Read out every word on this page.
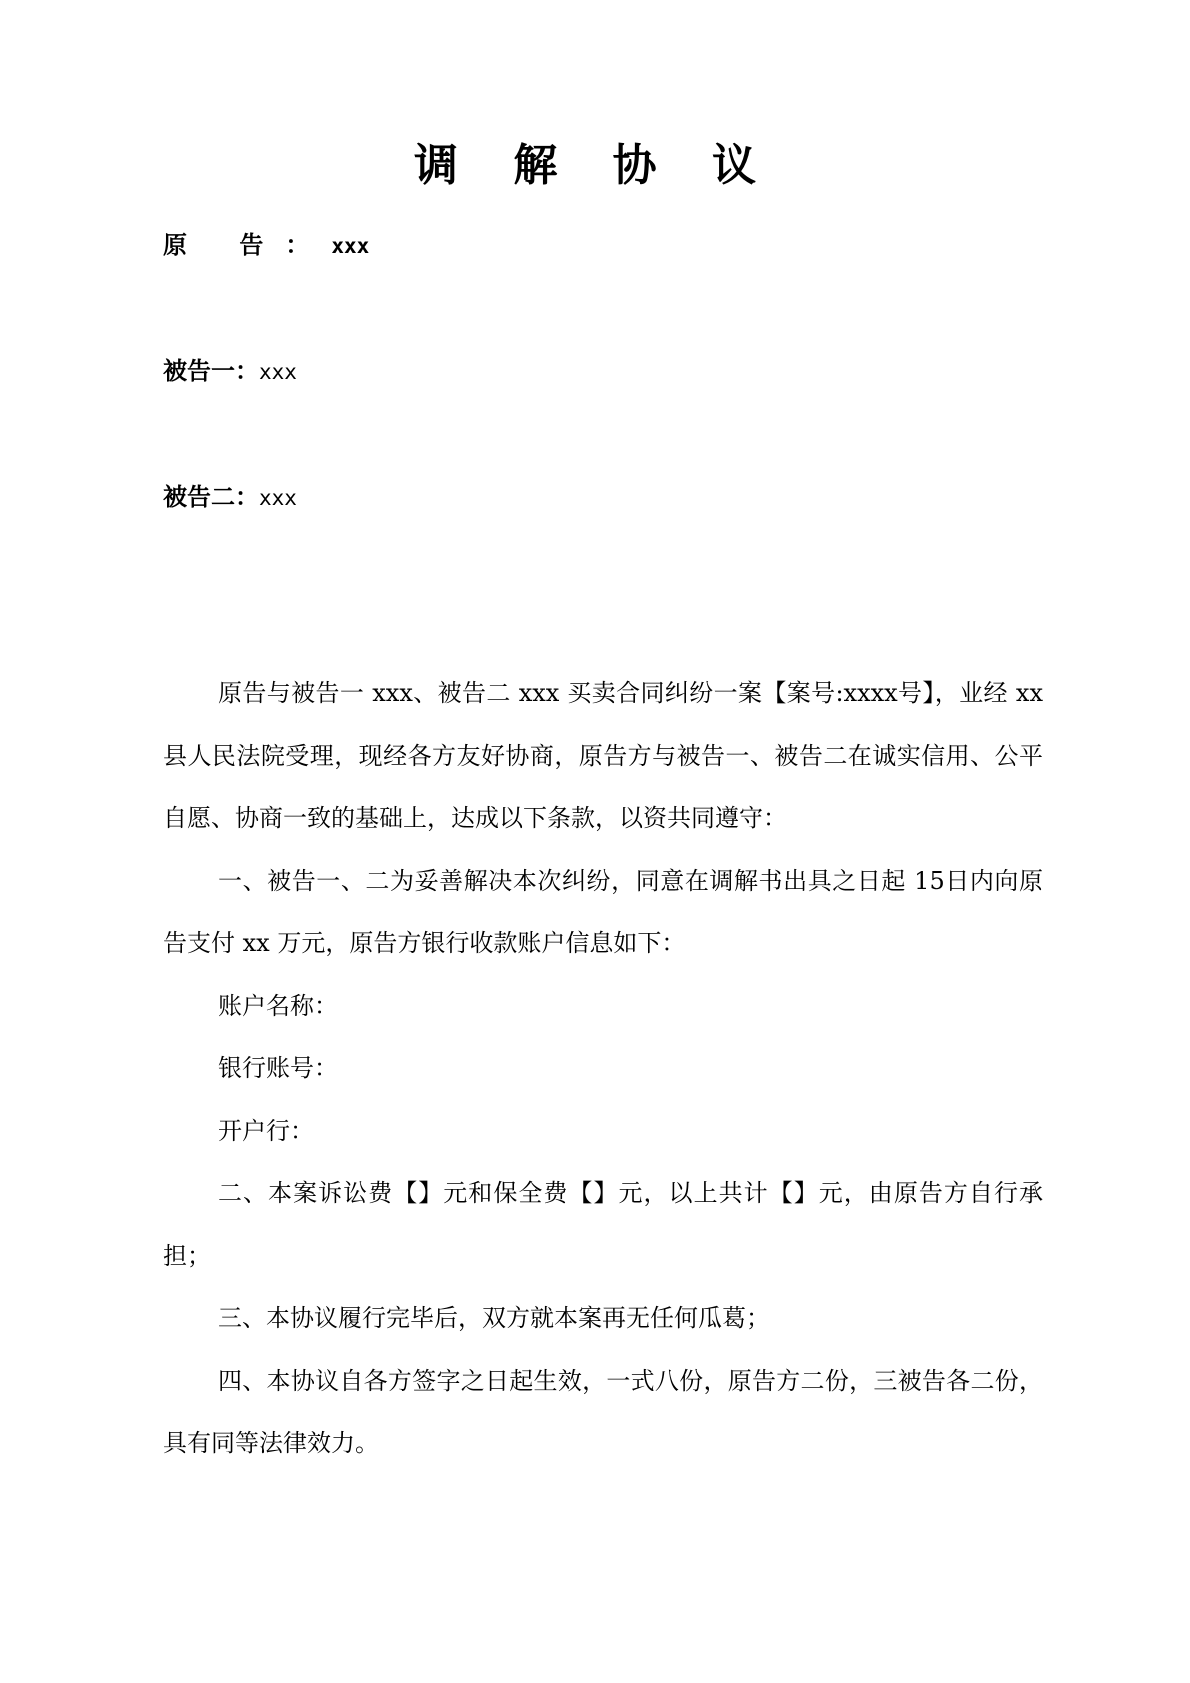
调 解 协 议
原 告：xxx
被告一：xxx
被告二：xxx

原告与被告一 xxx、被告二 xxx 买卖合同纠纷一案【案号:xxxx号】，业经 xx 县人民法院受理，现经各方友好协商，原告方与被告一、被告二在诚实信用、公平自愿、协商一致的基础上，达成以下条款，以资共同遵守：

一、被告一、二为妥善解决本次纠纷，同意在调解书出具之日起 15日内向原告支付 xx 万元，原告方银行收款账户信息如下：

账户名称：

银行账号：

开户行：

二、本案诉讼费【】元和保全费【】元，以上共计【】元，由原告方自行承担；

三、本协议履行完毕后，双方就本案再无任何瓜葛；

四、本协议自各方签字之日起生效，一式八份，原告方二份，三被告各二份，具有同等法律效力。
